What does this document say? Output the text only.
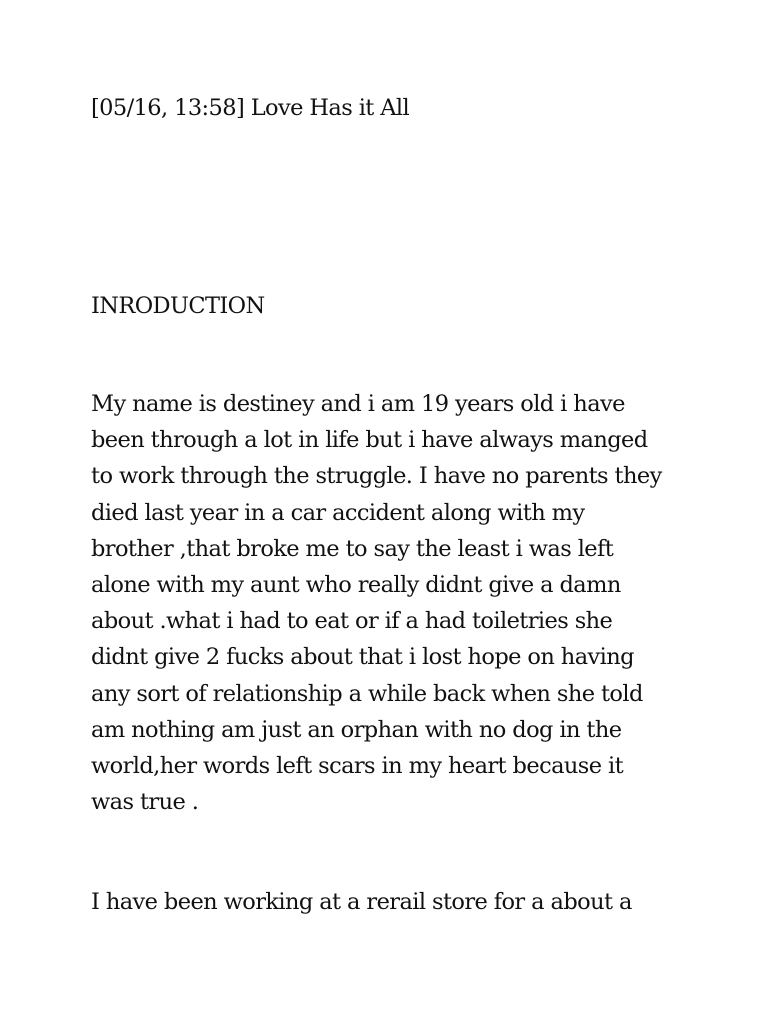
[05/16, 13:58] Love Has it All

INRODUCTION

My name is destiney and i am 19 years old i have
been through a lot in life but i have always manged
to work through the struggle. I have no parents they
died last year in a car accident along with my
brother ,that broke me to say the least i was left
alone with my aunt who really didnt give a damn
about .what i had to eat or if a had toiletries she
didnt give 2 fucks about that i lost hope on having
any sort of relationship a while back when she told
am nothing am just an orphan with no dog in the
world,her words left scars in my heart because it
was true .
I have been working at a rerail store for a about a
